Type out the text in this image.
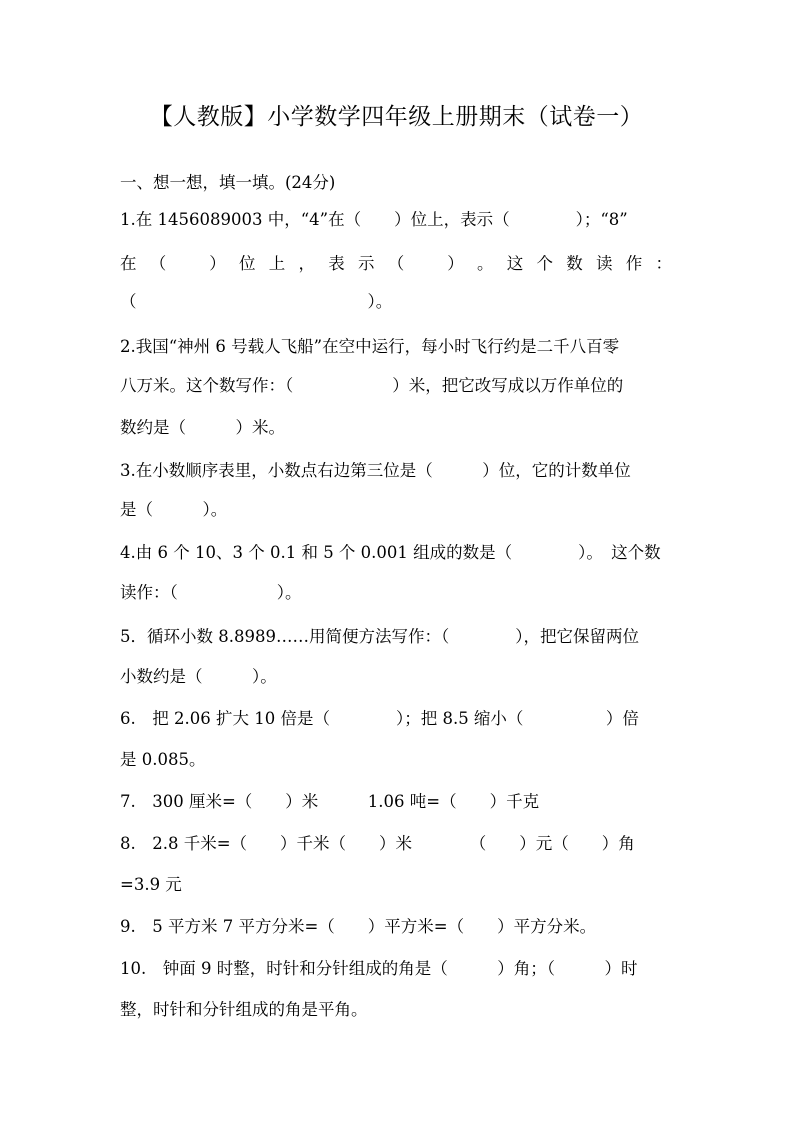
【人教版】小学数学四年级上册期末（试卷一）
一、想一想，填一填。(24分)
1.在 1456089003 中，“4”在（　　）位上，表示（　　　　）；“8”
在 （
　	） 位 上 ， 表 示 （
　	） 。 这 个 数 读 作 ：
（　　　　　　　　　　　　　　）。
2.我国“神州 6 号载人飞船”在空中运行，每小时飞行约是二千八百零
八万米。这个数写作：（　　　　　　）米，把它改写成以万作单位的
数约是（　　　）米。
3.在小数顺序表里，小数点右边第三位是（　　　）位，它的计数单位
是（　　　）。
4.由 6 个 10、3 个 0.1 和 5 个 0.001 组成的数是（　　　　）。　这个数
读作：（　　　　　　）。
5．循环小数 8.8989……用简便方法写作：（　　　　），把它保留两位
小数约是（　　　）。
6.　把 2.06 扩大 10 倍是（　　　　）；把 8.5 缩小（　　　　　）倍
是 0.085。
7.　300 厘米=（　　）米　　　1.06 吨=（　　）千克
8.　2.8 千米=（　　）千米（　　）米　　　　（　　）元（　　）角
=3.9 元
9.　5 平方米 7 平方分米=（　　）平方米=（　　）平方分米。
10.　钟面 9 时整，时针和分针组成的角是（　　　）角；（　　　）时
整，时针和分针组成的角是平角。
